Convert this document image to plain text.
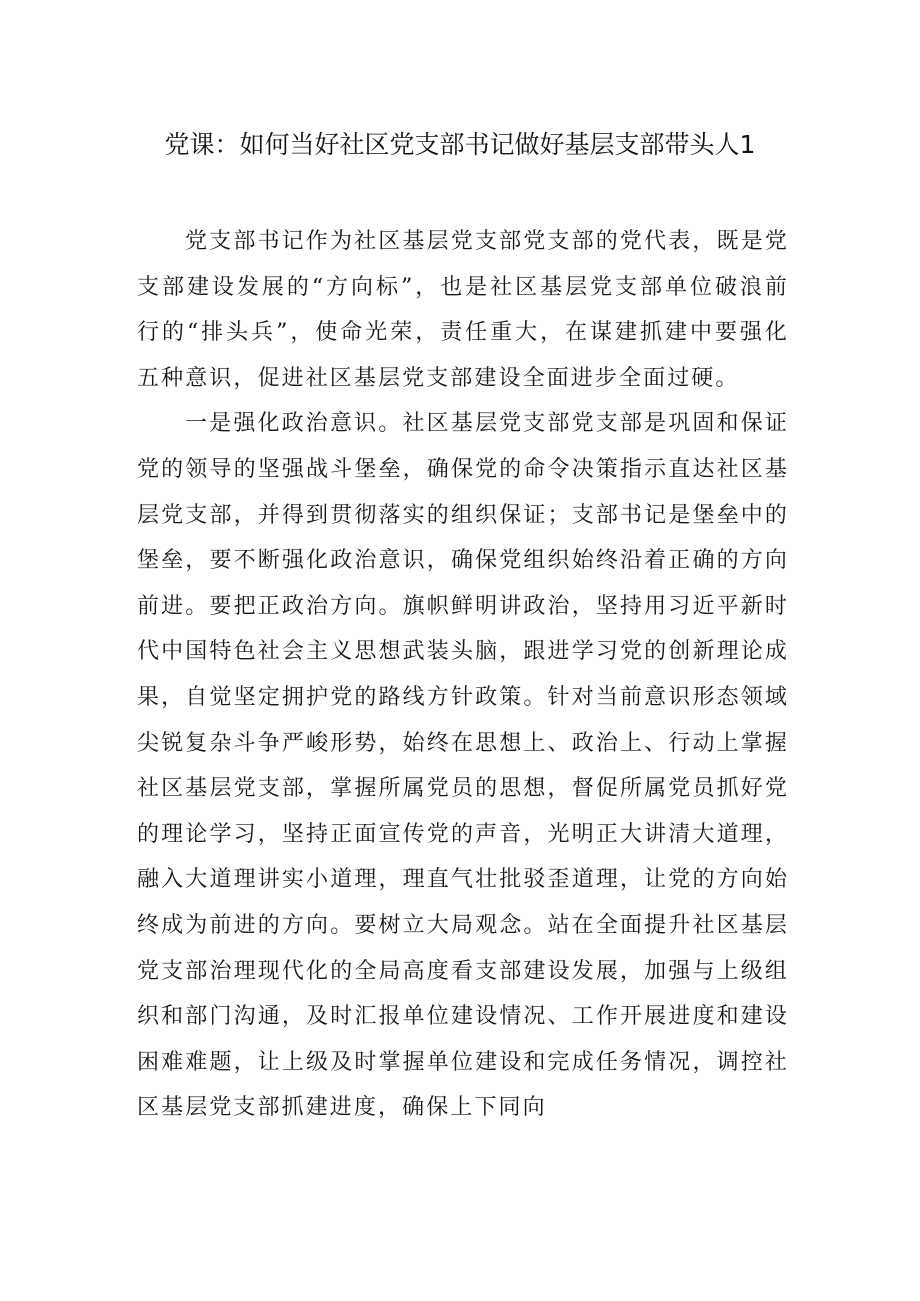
党课：如何当好社区党支部书记做好基层支部带头人1

党支部书记作为社区基层党支部党支部的党代表，既是党支部建设发展的“方向标”，也是社区基层党支部单位破浪前行的“排头兵”，使命光荣，责任重大，在谋建抓建中要强化五种意识，促进社区基层党支部建设全面进步全面过硬。

一是强化政治意识。社区基层党支部党支部是巩固和保证党的领导的坚强战斗堡垒，确保党的命令决策指示直达社区基层党支部，并得到贯彻落实的组织保证；支部书记是堡垒中的堡垒，要不断强化政治意识，确保党组织始终沿着正确的方向前进。要把正政治方向。旗帜鲜明讲政治，坚持用习近平新时代中国特色社会主义思想武装头脑，跟进学习党的创新理论成果，自觉坚定拥护党的路线方针政策。针对当前意识形态领域尖锐复杂斗争严峻形势，始终在思想上、政治上、行动上掌握社区基层党支部，掌握所属党员的思想，督促所属党员抓好党的理论学习，坚持正面宣传党的声音，光明正大讲清大道理，融入大道理讲实小道理，理直气壮批驳歪道理，让党的方向始终成为前进的方向。要树立大局观念。站在全面提升社区基层党支部治理现代化的全局高度看支部建设发展，加强与上级组织和部门沟通，及时汇报单位建设情况、工作开展进度和建设困难难题，让上级及时掌握单位建设和完成任务情况，调控社区基层党支部抓建进度，确保上下同向
